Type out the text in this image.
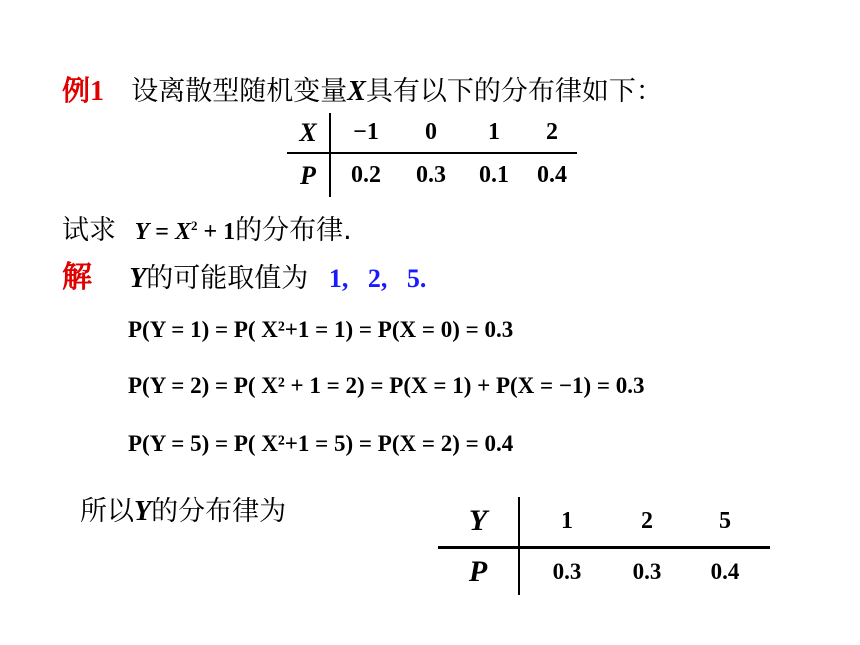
例1 设离散型随机变量X具有以下的分布律如下：
X	−1	0	1	2
P	0.2	0.3	0.1	0.4
试求 $Y = X^2 + 1$的分布律.
解 Y的可能取值为 1,   2,   5.
P(Y = 1) = P( X²+1 = 1) = P(X = 0) = 0.3
P(Y = 2) = P( X² + 1 = 2) = P(X = 1) + P(X = −1) = 0.3
P(Y = 5) = P( X²+1 = 5) = P(X = 2) = 0.4
所以Y的分布律为	Y	1	2	5
P	0.3	0.3	0.4
